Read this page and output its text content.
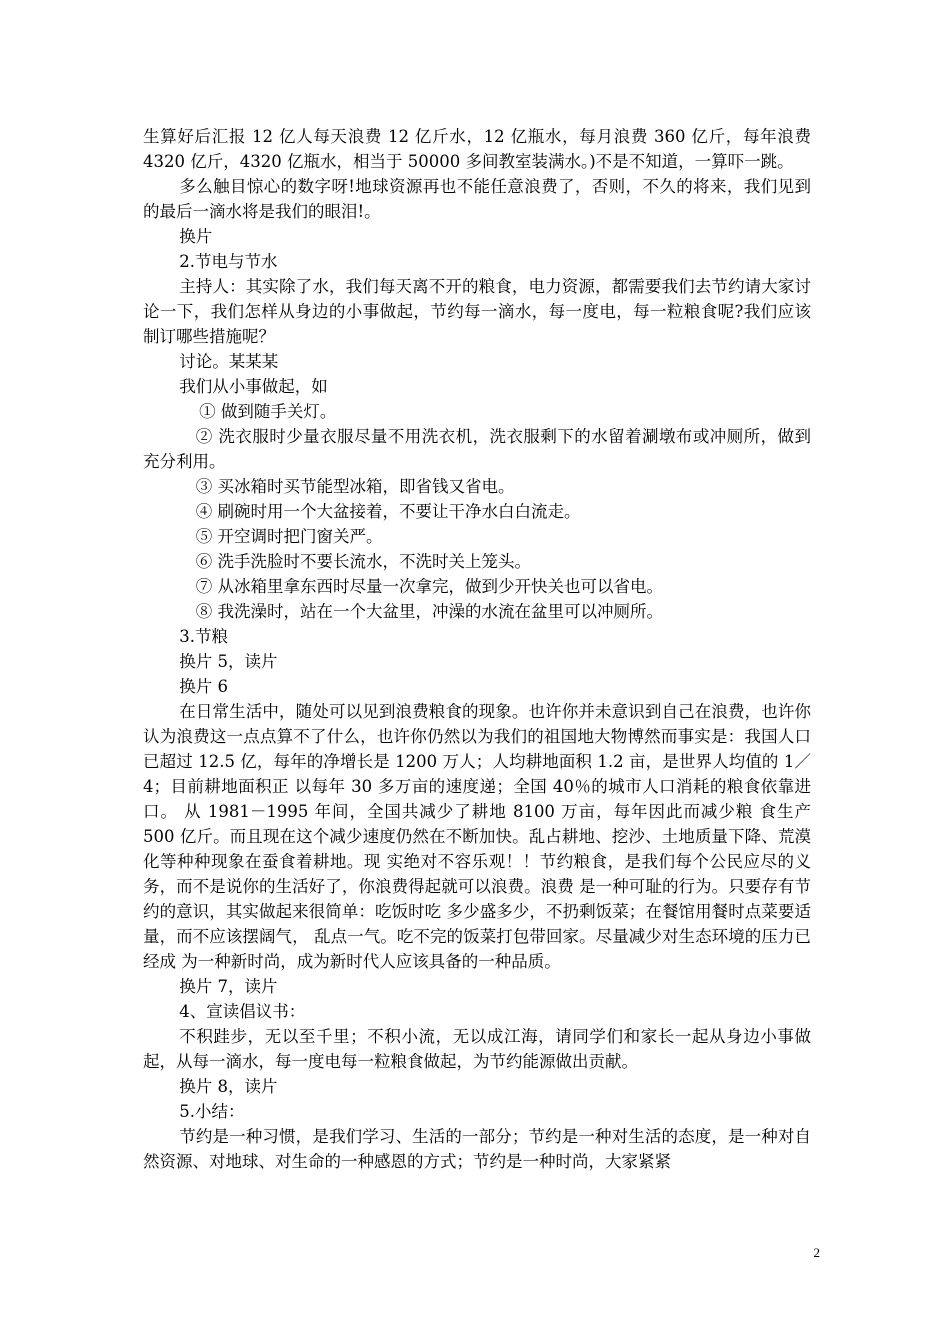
生算好后汇报 12 亿人每天浪费 12 亿斤水，12 亿瓶水，每月浪费 360 亿斤，每年浪费 4320 亿斤，4320 亿瓶水，相当于 50000 多间教室装满水。)不是不知道，一算吓一跳。

多么触目惊心的数字呀!地球资源再也不能任意浪费了，否则，不久的将来，我们见到的最后一滴水将是我们的眼泪!。

换片

2.节电与节水

主持人：其实除了水，我们每天离不开的粮食，电力资源，都需要我们去节约请大家讨论一下，我们怎样从身边的小事做起，节约每一滴水，每一度电，每一粒粮食呢?我们应该制订哪些措施呢？

讨论。某某某

我们从小事做起，如

① 做到随手关灯。

② 洗衣服时少量衣服尽量不用洗衣机，洗衣服剩下的水留着涮墩布或冲厕所，做到充分利用。

③ 买冰箱时买节能型冰箱，即省钱又省电。

④ 刷碗时用一个大盆接着，不要让干净水白白流走。

⑤ 开空调时把门窗关严。

⑥ 洗手洗脸时不要长流水，不洗时关上笼头。

⑦ 从冰箱里拿东西时尽量一次拿完，做到少开快关也可以省电。

⑧ 我洗澡时，站在一个大盆里，冲澡的水流在盆里可以冲厕所。

3.节粮

换片 5，读片

换片 6

在日常生活中，随处可以见到浪费粮食的现象。也许你并未意识到自己在浪费，也许你认为浪费这一点点算不了什么，也许你仍然以为我们的祖国地大物博然而事实是：我国人口已超过 12.5 亿，每年的净增长是 1200 万人；人均耕地面积 1.2 亩，是世界人均值的 1／4；目前耕地面积正 以每年 30 多万亩的速度递；全国 40％的城市人口消耗的粮食依靠进口。 从 1981－1995 年间，全国共减少了耕地 8100 万亩，每年因此而减少粮 食生产 500 亿斤。而且现在这个减少速度仍然在不断加快。乱占耕地、挖沙、土地质量下降、荒漠化等种种现象在蚕食着耕地。现 实绝对不容乐观！！节约粮食，是我们每个公民应尽的义务，而不是说你的生活好了，你浪费得起就可以浪费。浪费 是一种可耻的行为。只要存有节约的意识，其实做起来很简单：吃饭时吃 多少盛多少，不扔剩饭菜；在餐馆用餐时点菜要适量，而不应该摆阔气， 乱点一气。吃不完的饭菜打包带回家。尽量减少对生态环境的压力已经成 为一种新时尚，成为新时代人应该具备的一种品质。

换片 7，读片

4、宣读倡议书：

不积跬步，无以至千里；不积小流，无以成江海，请同学们和家长一起从身边小事做起，从每一滴水，每一度电每一粒粮食做起，为节约能源做出贡献。

换片 8，读片

5.小结：

节约是一种习惯，是我们学习、生活的一部分；节约是一种对生活的态度，是一种对自然资源、对地球、对生命的一种感恩的方式；节约是一种时尚，大家紧紧

2
